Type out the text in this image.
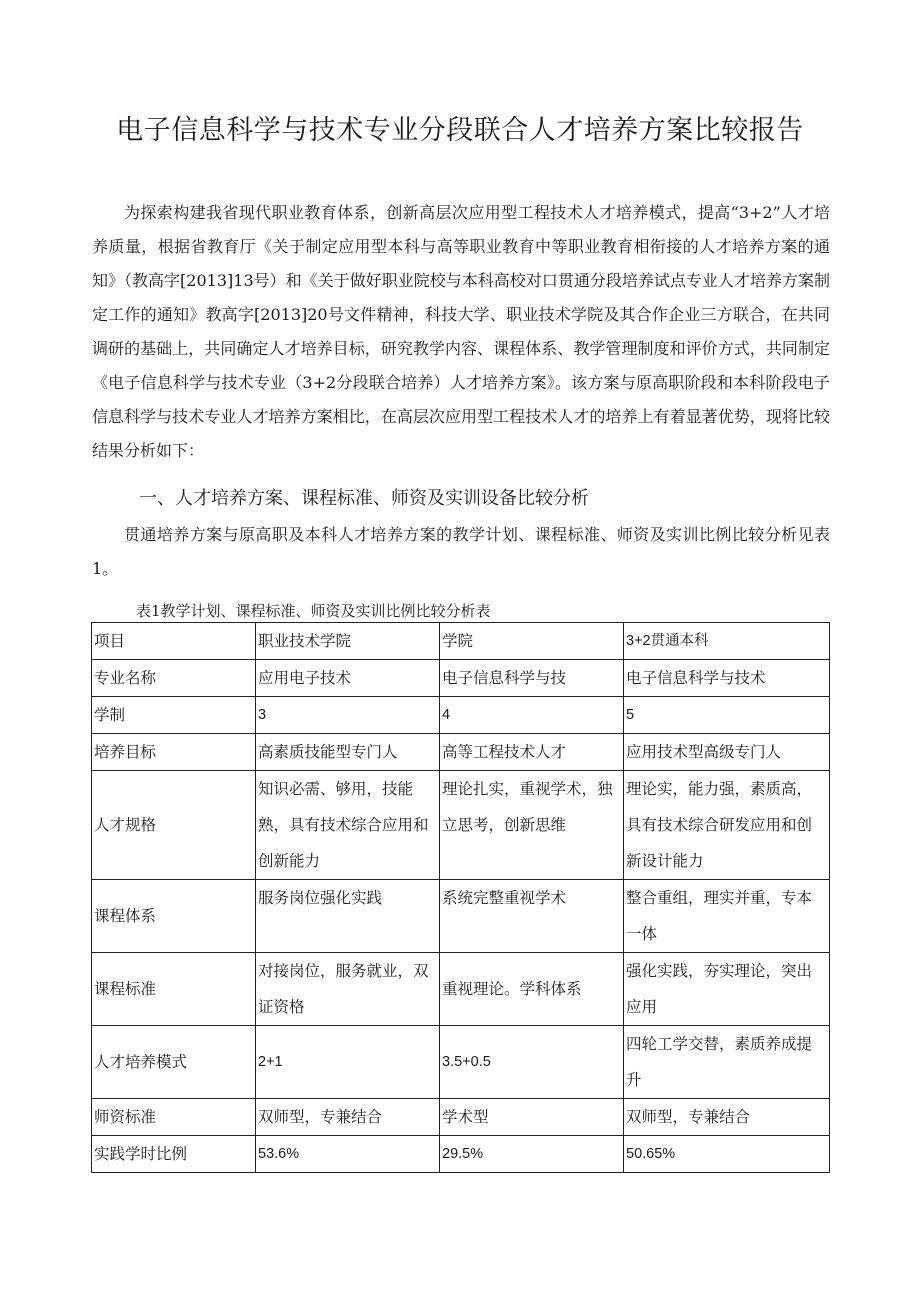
电子信息科学与技术专业分段联合人才培养方案比较报告

为探索构建我省现代职业教育体系，创新高层次应用型工程技术人才培养模式，提高“3+2”人才培养质量，根据省教育厅《关于制定应用型本科与高等职业教育中等职业教育相衔接的人才培养方案的通知》（教高字[2013]13号）和《关于做好职业院校与本科高校对口贯通分段培养试点专业人才培养方案制定工作的通知》教高字[2013]20号文件精神，科技大学、职业技术学院及其合作企业三方联合，在共同调研的基础上，共同确定人才培养目标，研究教学内容、课程体系、教学管理制度和评价方式，共同制定《电子信息科学与技术专业（3+2分段联合培养）人才培养方案》。该方案与原高职阶段和本科阶段电子信息科学与技术专业人才培养方案相比，在高层次应用型工程技术人才的培养上有着显著优势，现将比较结果分析如下：

一、人才培养方案、课程标准、师资及实训设备比较分析

贯通培养方案与原高职及本科人才培养方案的教学计划、课程标准、师资及实训比例比较分析见表1。

表1教学计划、课程标准、师资及实训比例比较分析表
项目	职业技术学院	学院	3+2贯通本科
专业名称	应用电子技术	电子信息科学与技	电子信息科学与技术
学制	3	4	5
培养目标	高素质技能型专门人	高等工程技术人才	应用技术型高级专门人
人才规格	知识必需、够用，技能熟，具有技术综合应用和创新能力	理论扎实，重视学术，独立思考，创新思维	理论实，能力强，素质高，具有技术综合研发应用和创新设计能力
课程体系	服务岗位强化实践	系统完整重视学术	整合重组，理实并重，专本一体
课程标准	对接岗位，服务就业，双证资格	重视理论。学科体系	强化实践，夯实理论，突出应用
人才培养模式	2+1	3.5+0.5	四轮工学交替，素质养成提升
师资标准	双师型，专兼结合	学术型	双师型，专兼结合
实践学时比例	53.6%	29.5%	50.65%
